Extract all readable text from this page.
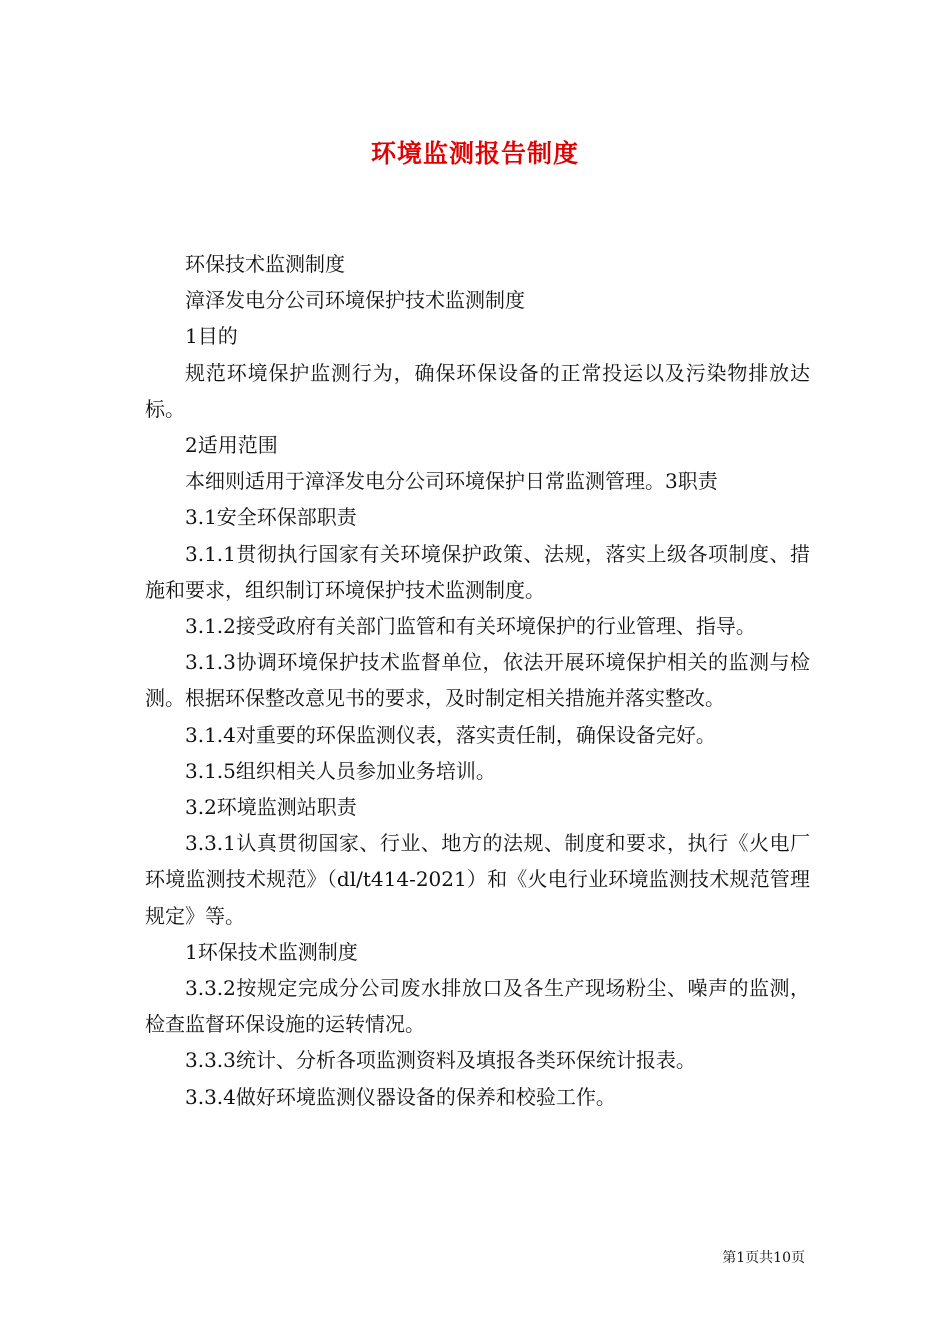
环境监测报告制度

环保技术监测制度

漳泽发电分公司环境保护技术监测制度

1目的

规范环境保护监测行为，确保环保设备的正常投运以及污染物排放达标。

2适用范围

本细则适用于漳泽发电分公司环境保护日常监测管理。3职责

3.1安全环保部职责

3.1.1贯彻执行国家有关环境保护政策、法规，落实上级各项制度、措施和要求，组织制订环境保护技术监测制度。

3.1.2接受政府有关部门监管和有关环境保护的行业管理、指导。

3.1.3协调环境保护技术监督单位，依法开展环境保护相关的监测与检测。根据环保整改意见书的要求，及时制定相关措施并落实整改。

3.1.4对重要的环保监测仪表，落实责任制，确保设备完好。

3.1.5组织相关人员参加业务培训。

3.2环境监测站职责

3.3.1认真贯彻国家、行业、地方的法规、制度和要求，执行《火电厂环境监测技术规范》（dl/t414-2021）和《火电行业环境监测技术规范管理规定》等。

1环保技术监测制度

3.3.2按规定完成分公司废水排放口及各生产现场粉尘、噪声的监测，检查监督环保设施的运转情况。

3.3.3统计、分析各项监测资料及填报各类环保统计报表。

3.3.4做好环境监测仪器设备的保养和校验工作。

第1页共10页
